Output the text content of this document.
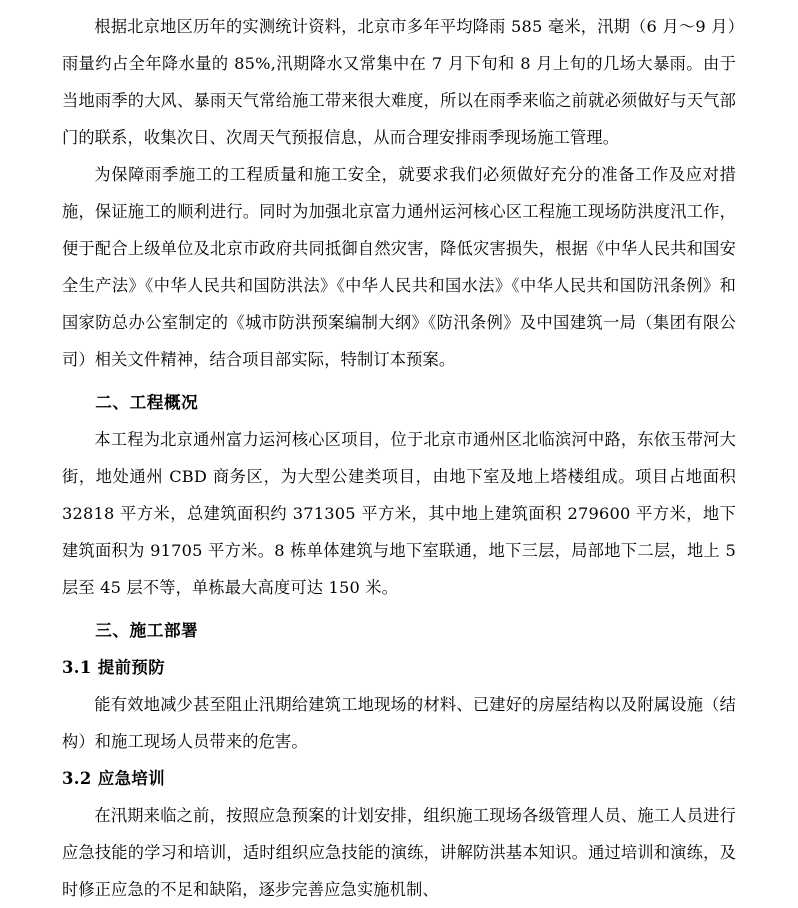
根据北京地区历年的实测统计资料，北京市多年平均降雨 585 毫米，汛期（6 月～9 月）雨量约占全年降水量的 85%,汛期降水又常集中在 7 月下旬和 8 月上旬的几场大暴雨。由于当地雨季的大风、暴雨天气常给施工带来很大难度，所以在雨季来临之前就必须做好与天气部门的联系，收集次日、次周天气预报信息，从而合理安排雨季现场施工管理。

为保障雨季施工的工程质量和施工安全，就要求我们必须做好充分的准备工作及应对措施，保证施工的顺利进行。同时为加强北京富力通州运河核心区工程施工现场防洪度汛工作，便于配合上级单位及北京市政府共同抵御自然灾害，降低灾害损失，根据《中华人民共和国安全生产法》《中华人民共和国防洪法》《中华人民共和国水法》《中华人民共和国防汛条例》和国家防总办公室制定的《城市防洪预案编制大纲》《防汛条例》及中国建筑一局（集团有限公司）相关文件精神，结合项目部实际，特制订本预案。

二、工程概况

本工程为北京通州富力运河核心区项目，位于北京市通州区北临滨河中路，东依玉带河大街，地处通州 CBD 商务区，为大型公建类项目，由地下室及地上塔楼组成。项目占地面积 32818 平方米，总建筑面积约 371305 平方米，其中地上建筑面积 279600 平方米，地下建筑面积为 91705 平方米。8 栋单体建筑与地下室联通，地下三层，局部地下二层，地上 5 层至 45 层不等，单栋最大高度可达 150 米。

三、施工部署
3.1 提前预防

能有效地减少甚至阻止汛期给建筑工地现场的材料、已建好的房屋结构以及附属设施（结构）和施工现场人员带来的危害。

3.2 应急培训

在汛期来临之前，按照应急预案的计划安排，组织施工现场各级管理人员、施工人员进行应急技能的学习和培训，适时组织应急技能的演练，讲解防洪基本知识。通过培训和演练，及时修正应急的不足和缺陷，逐步完善应急实施机制、
